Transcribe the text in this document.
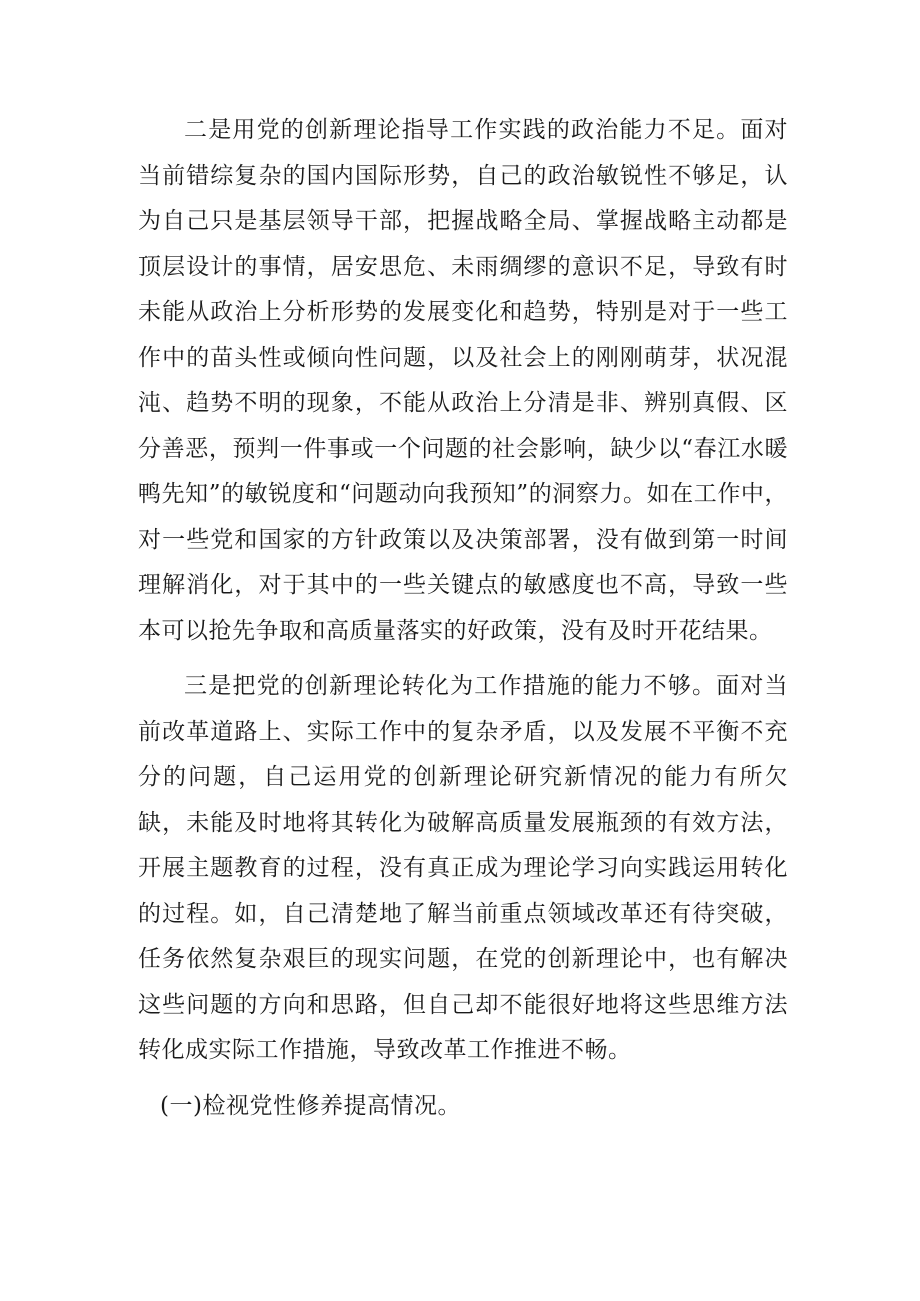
二是用党的创新理论指导工作实践的政治能力不足。面对当前错综复杂的国内国际形势，自己的政治敏锐性不够足，认为自己只是基层领导干部，把握战略全局、掌握战略主动都是顶层设计的事情，居安思危、未雨绸缪的意识不足，导致有时未能从政治上分析形势的发展变化和趋势，特别是对于一些工作中的苗头性或倾向性问题，以及社会上的刚刚萌芽，状况混沌、趋势不明的现象，不能从政治上分清是非、辨别真假、区分善恶，预判一件事或一个问题的社会影响，缺少以“春江水暖鸭先知”的敏锐度和“问题动向我预知”的洞察力。如在工作中，对一些党和国家的方针政策以及决策部署，没有做到第一时间理解消化，对于其中的一些关键点的敏感度也不高，导致一些本可以抢先争取和高质量落实的好政策，没有及时开花结果。

三是把党的创新理论转化为工作措施的能力不够。面对当前改革道路上、实际工作中的复杂矛盾，以及发展不平衡不充分的问题，自己运用党的创新理论研究新情况的能力有所欠缺，未能及时地将其转化为破解高质量发展瓶颈的有效方法，开展主题教育的过程，没有真正成为理论学习向实践运用转化的过程。如，自己清楚地了解当前重点领域改革还有待突破，任务依然复杂艰巨的现实问题，在党的创新理论中，也有解决这些问题的方向和思路，但自己却不能很好地将这些思维方法转化成实际工作措施，导致改革工作推进不畅。

(一)检视党性修养提高情况。
